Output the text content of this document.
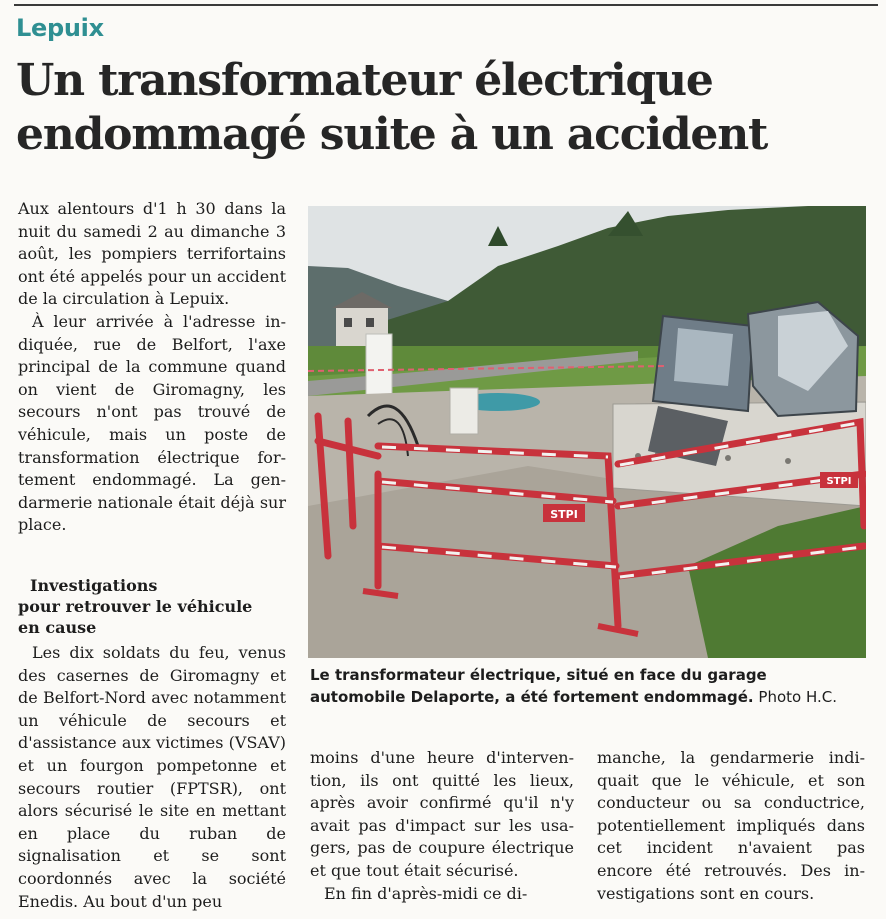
Lepuix
Un transformateur électrique endommagé suite à un accident

Aux alentours d'1 h 30 dans la nuit du samedi 2 au dimanche 3 août, les pompiers terrifortains ont été appelés pour un accident de la circulation à Lepuix.

À leur arrivée à l'adresse indiquée, rue de Belfort, l'axe principal de la commune quand on vient de Giromagny, les secours n'ont pas trouvé de véhicule, mais un poste de transformation électrique fortement endommagé. La gendarmerie nationale était déjà sur place.

Investigations
pour retrouver le véhicule
en cause

Les dix soldats du feu, venus des casernes de Giromagny et de Belfort-Nord avec notamment un véhicule de secours et d'assistance aux victimes (VSAV) et un fourgon pompetonne et secours routier (FPTSR), ont alors sécurisé le site en mettant en place du ruban de signalisation et se sont coordonnés avec la société Enedis. Au bout d'un peu

STPI
STPI
Le transformateur électrique, situé en face du garage automobile Delaporte, a été fortement endommagé. Photo H.C.

moins d'une heure d'intervention, ils ont quitté les lieux, après avoir confirmé qu'il n'y avait pas d'impact sur les usagers, pas de coupure électrique et que tout était sécurisé.

En fin d'après-midi ce di-

manche, la gendarmerie indiquait que le véhicule, et son conducteur ou sa conductrice, potentiellement impliqués dans cet incident n'avaient pas encore été retrouvés. Des investigations sont en cours.
